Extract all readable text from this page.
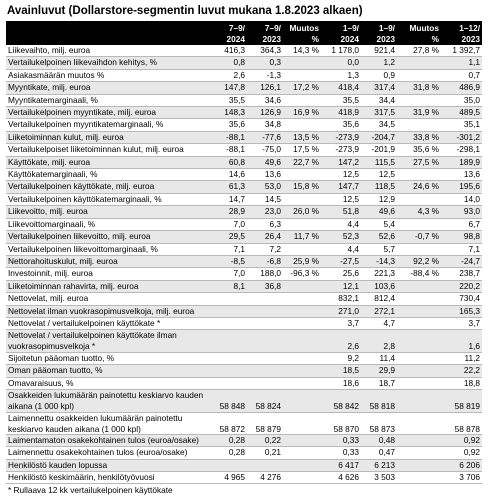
Avainluvut (Dollarstore-segmentin luvut mukana 1.8.2023 alkaen)
	7–9/	7–9/	Muutos	1–9/	1–9/	Muutos	1–12/
	2024	2023	%	2024	2023	%	2023
Liikevaihto, milj. euroa	416,3	364,3	14,3 %	1 178,0	921,4	27,8 %	1 392,7
Vertailukelpoinen liikevaihdon kehitys, %	0,8	0,3		0,0	1,2		1,1
Asiakasmäärän muutos %	2,6	-1,3		1,3	0,9		0,7
Myyntikate, milj. euroa	147,8	126,1	17,2 %	418,4	317,4	31,8 %	486,9
Myyntikatemarginaali, %	35,5	34,6		35,5	34,4		35,0
Vertailukelpoinen myyntikate, milj. euroa	148,3	126,9	16,9 %	418,9	317,5	31,9 %	489,5
Vertailukelpoinen myyntikatemarginaali, %	35,6	34,8		35,6	34,5		35,1
Liiketoiminnan kulut, milj. euroa	-88,1	-77,6	13,5 %	-273,9	-204,7	33,8 %	-301,2
Vertailukelpoiset liiketoiminnan kulut, milj. euroa	-88,1	-75,0	17,5 %	-273,9	-201,9	35,6 %	-298,1
Käyttökate, milj. euroa	60,8	49,6	22,7 %	147,2	115,5	27,5 %	189,9
Käyttökatemarginaali, %	14,6	13,6		12,5	12,5		13,6
Vertailukelpoinen käyttökate, milj. euroa	61,3	53,0	15,8 %	147,7	118,5	24,6 %	195,6
Vertailukelpoinen käyttökatemarginaali, %	14,7	14,5		12,5	12,9		14,0
Liikevoitto, milj. euroa	28,9	23,0	26,0 %	51,8	49,6	4,3 %	93,0
Liikevoittomarginaali, %	7,0	6,3		4,4	5,4		6,7
Vertailukelpoinen liikevoitto, milj. euroa	29,5	26,4	11,7 %	52,3	52,6	-0,7 %	98,8
Vertailukelpoinen liikevoittomarginaali, %	7,1	7,2		4,4	5,7		7,1
Nettorahoituskulut, milj. euroa	-8,5	-6,8	25,9 %	-27,5	-14,3	92,2 %	-24,7
Investoinnit, milj. euroa	7,0	188,0	-96,3 %	25,6	221,3	-88,4 %	238,7
Liiketoiminnan rahavirta, milj. euroa	8,1	36,8		12,1	103,6		220,2
Nettovelat, milj. euroa				832,1	812,4		730,4
Nettovelat ilman vuokrasopimusvelkoja, milj. euroa				271,0	272,1		165,3
Nettovelat / vertailukelpoinen käyttökate *				3,7	4,7		3,7
Nettovelat / vertailukelpoinen käyttökate ilman vuokrasopimusvelkoja *				2,6	2,8		1,6
Sijoitetun pääoman tuotto, %				9,2	11,4		11,2
Oman pääoman tuotto, %				18,5	29,9		22,2
Omavaraisuus, %				18,6	18,7		18,8
Osakkeiden lukumäärän painotettu keskiarvo kauden aikana (1 000 kpl)	58 848	58 824		58 842	58 818		58 819
Laimennettu osakkeiden lukumäärän painotettu keskiarvo kauden aikana (1 000 kpl)	58 872	58 879		58 870	58 873		58 878
Laimentamaton osakekohtainen tulos (euroa/osake)	0,28	0,22		0,33	0,48		0,92
Laimennettu osakekohtainen tulos (euroa/osake)	0,28	0,21		0,33	0,47		0,92
Henkilöstö kauden lopussa				6 417	6 213		6 206
Henkilöstö keskimäärin, henkilötyövuosi	4 965	4 276		4 626	3 503		3 706
* Rullaava 12 kk vertailukelpoinen käyttökate
